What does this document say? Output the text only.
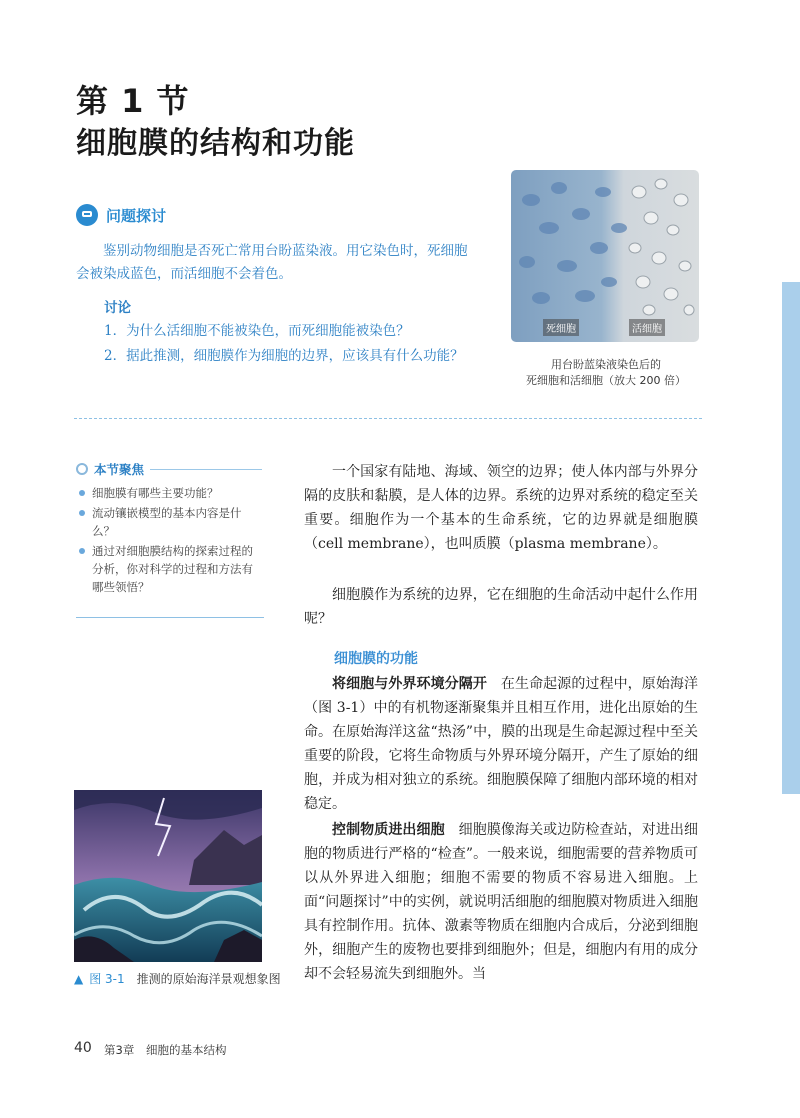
第 1 节
细胞膜的结构和功能
问题探讨
鉴别动物细胞是否死亡常用台盼蓝染液。用它染色时，死细胞会被染成蓝色，而活细胞不会着色。
讨论
1．为什么活细胞不能被染色，而死细胞能被染色？
2．据此推测，细胞膜作为细胞的边界，应该具有什么功能？
死细胞	活细胞
用台盼蓝染液染色后的
死细胞和活细胞（放大 200 倍）
本节聚焦
细胞膜有哪些主要功能？
流动镶嵌模型的基本内容是什么？
通过对细胞膜结构的探索过程的分析，你对科学的过程和方法有哪些领悟？
一个国家有陆地、海域、领空的边界；使人体内部与外界分隔的皮肤和黏膜，是人体的边界。系统的边界对系统的稳定至关重要。细胞作为一个基本的生命系统，它的边界就是细胞膜（cell membrane），也叫质膜（plasma membrane）。
细胞膜作为系统的边界，它在细胞的生命活动中起什么作用呢？
细胞膜的功能
将细胞与外界环境分隔开 在生命起源的过程中，原始海洋（图 3-1）中的有机物逐渐聚集并且相互作用，进化出原始的生命。在原始海洋这盆“热汤”中，膜的出现是生命起源过程中至关重要的阶段，它将生命物质与外界环境分隔开，产生了原始的细胞，并成为相对独立的系统。细胞膜保障了细胞内部环境的相对稳定。
控制物质进出细胞 细胞膜像海关或边防检查站，对进出细胞的物质进行严格的“检查”。一般来说，细胞需要的营养物质可以从外界进入细胞；细胞不需要的物质不容易进入细胞。上面“问题探讨”中的实例，就说明活细胞的细胞膜对物质进入细胞具有控制作用。抗体、激素等物质在细胞内合成后，分泌到细胞外，细胞产生的废物也要排到细胞外；但是，细胞内有用的成分却不会轻易流失到细胞外。当
▲ 图 3-1 推测的原始海洋景观想象图
40 第3章 细胞的基本结构
